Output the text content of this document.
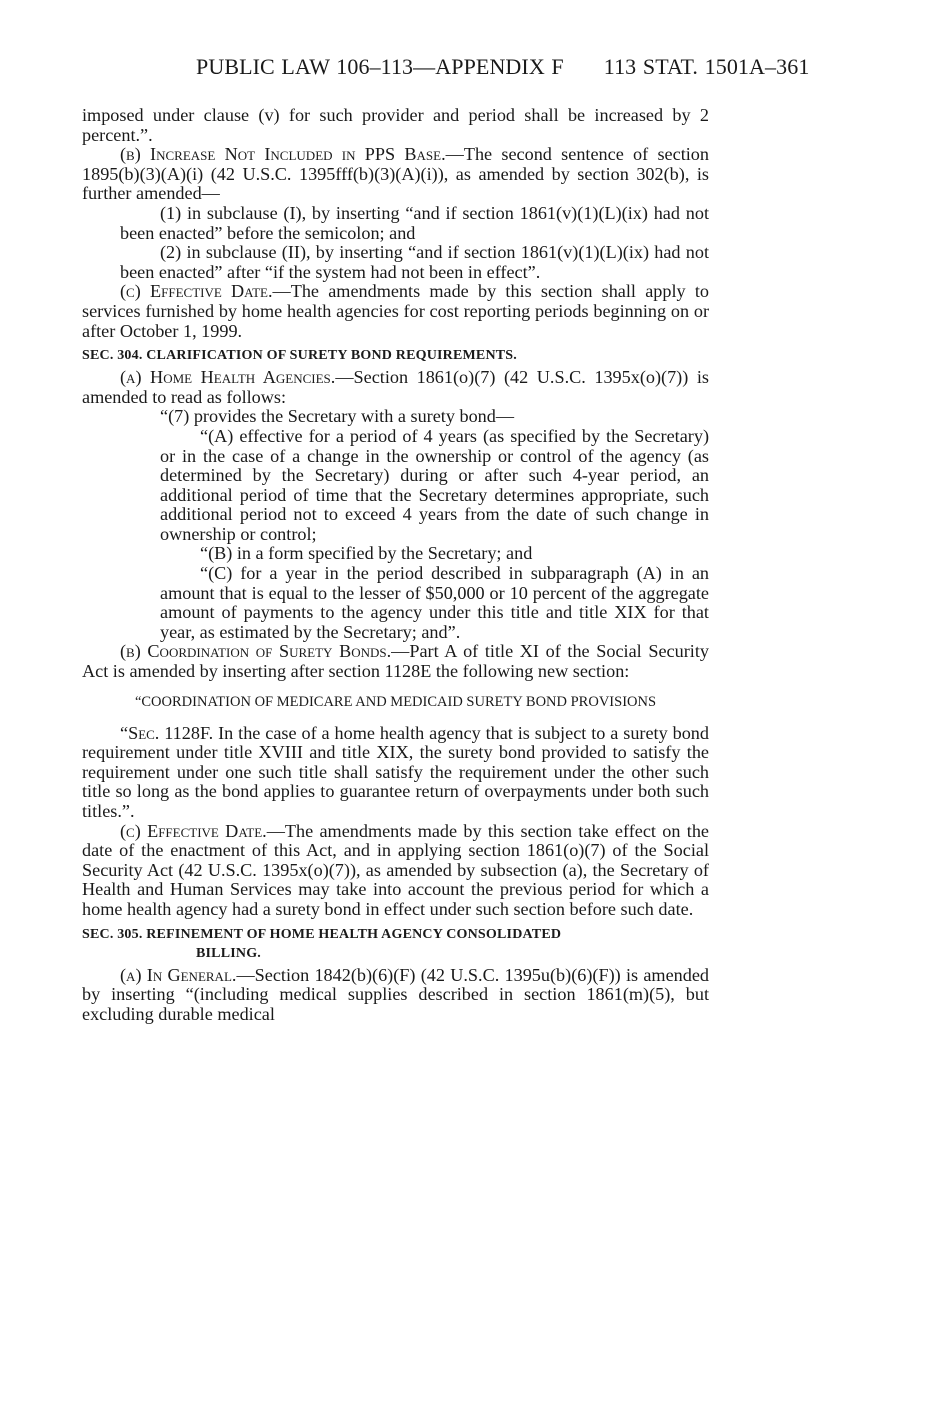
PUBLIC LAW 106–113—APPENDIX F 113 STAT. 1501A–361

imposed under clause (v) for such provider and period shall be increased by 2 percent.”.

(b) Increase Not Included in PPS Base.—The second sentence of section 1895(b)(3)(A)(i) (42 U.S.C. 1395fff(b)(3)(A)(i)), as amended by section 302(b), is further amended—

(1) in subclause (I), by inserting “and if section 1861(v)(1)(L)(ix) had not been enacted” before the semicolon; and

(2) in subclause (II), by inserting “and if section 1861(v)(1)(L)(ix) had not been enacted” after “if the system had not been in effect”.

(c) Effective Date.—The amendments made by this section shall apply to services furnished by home health agencies for cost reporting periods beginning on or after October 1, 1999.

SEC. 304. CLARIFICATION OF SURETY BOND REQUIREMENTS.

(a) Home Health Agencies.—Section 1861(o)(7) (42 U.S.C. 1395x(o)(7)) is amended to read as follows:

“(7) provides the Secretary with a surety bond—

“(A) effective for a period of 4 years (as specified by the Secretary) or in the case of a change in the ownership or control of the agency (as determined by the Secretary) during or after such 4-year period, an additional period of time that the Secretary determines appropriate, such additional period not to exceed 4 years from the date of such change in ownership or control;

“(B) in a form specified by the Secretary; and

“(C) for a year in the period described in subparagraph (A) in an amount that is equal to the lesser of $50,000 or 10 percent of the aggregate amount of payments to the agency under this title and title XIX for that year, as estimated by the Secretary; and”.

(b) Coordination of Surety Bonds.—Part A of title XI of the Social Security Act is amended by inserting after section 1128E the following new section:

“COORDINATION OF MEDICARE AND MEDICAID SURETY BOND PROVISIONS

“Sec. 1128F. In the case of a home health agency that is subject to a surety bond requirement under title XVIII and title XIX, the surety bond provided to satisfy the requirement under one such title shall satisfy the requirement under the other such title so long as the bond applies to guarantee return of overpayments under both such titles.”.

(c) Effective Date.—The amendments made by this section take effect on the date of the enactment of this Act, and in applying section 1861(o)(7) of the Social Security Act (42 U.S.C. 1395x(o)(7)), as amended by subsection (a), the Secretary of Health and Human Services may take into account the previous period for which a home health agency had a surety bond in effect under such section before such date.

SEC. 305. REFINEMENT OF HOME HEALTH AGENCY CONSOLIDATED
BILLING.

(a) In General.—Section 1842(b)(6)(F) (42 U.S.C. 1395u(b)(6)(F)) is amended by inserting “(including medical supplies described in section 1861(m)(5), but excluding durable medical
